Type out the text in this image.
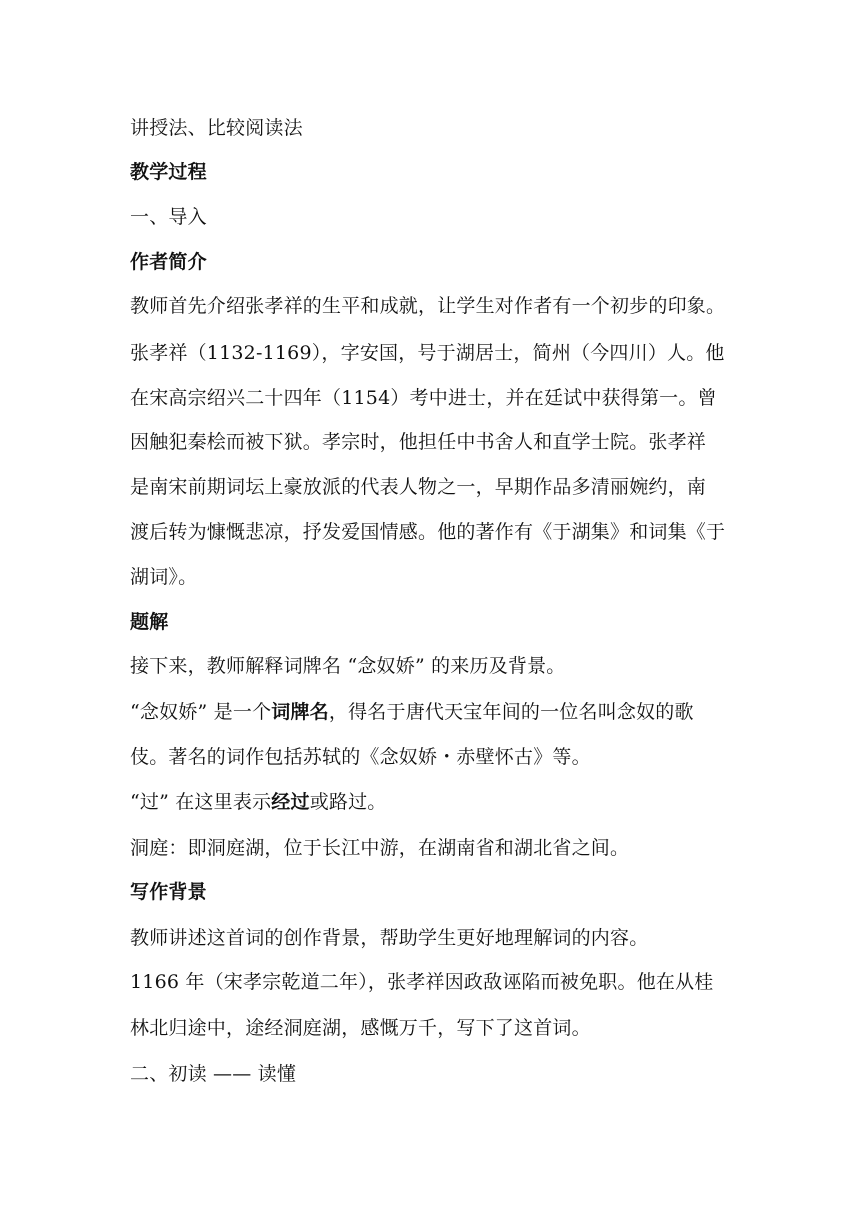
讲授法、比较阅读法
教学过程
一、导入
作者简介
教师首先介绍张孝祥的生平和成就，让学生对作者有一个初步的印象。
张孝祥（1132-1169），字安国，号于湖居士，简州（今四川）人。他
在宋高宗绍兴二十四年（1154）考中进士，并在廷试中获得第一。曾
因触犯秦桧而被下狱。孝宗时，他担任中书舍人和直学士院。张孝祥
是南宋前期词坛上豪放派的代表人物之一，早期作品多清丽婉约，南
渡后转为慷慨悲凉，抒发爱国情感。他的著作有《于湖集》和词集《于
湖词》。
题解
接下来，教师解释词牌名 “念奴娇” 的来历及背景。
“念奴娇” 是一个词牌名，得名于唐代天宝年间的一位名叫念奴的歌
伎。著名的词作包括苏轼的《念奴娇・赤壁怀古》等。
“过” 在这里表示经过或路过。
洞庭：即洞庭湖，位于长江中游，在湖南省和湖北省之间。
写作背景
教师讲述这首词的创作背景，帮助学生更好地理解词的内容。
1166 年（宋孝宗乾道二年），张孝祥因政敌诬陷而被免职。他在从桂
林北归途中，途经洞庭湖，感慨万千，写下了这首词。
二、初读 —— 读懂
